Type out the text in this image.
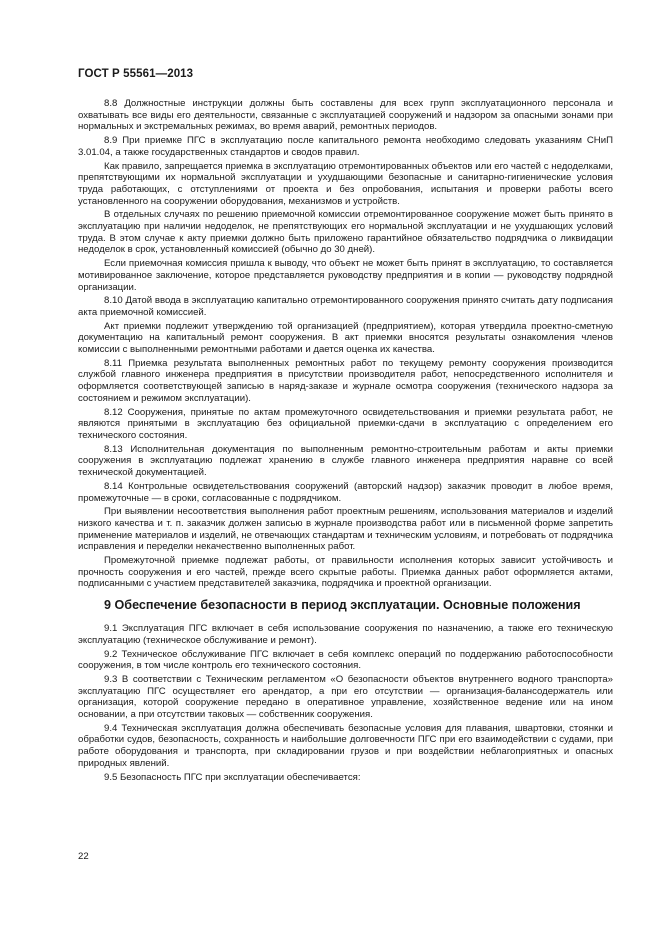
ГОСТ Р 55561—2013

8.8 Должностные инструкции должны быть составлены для всех групп эксплуатационного персонала и охватывать все виды его деятельности, связанные с эксплуатацией сооружений и надзором за опасными зонами при нормальных и экстремальных режимах, во время аварий, ремонтных периодов.

8.9 При приемке ПГС в эксплуатацию после капитального ремонта необходимо следовать указаниям СНиП 3.01.04, а также государственных стандартов и сводов правил.

Как правило, запрещается приемка в эксплуатацию отремонтированных объектов или его частей с недоделками, препятствующими их нормальной эксплуатации и ухудшающими безопасные и санитарно-гигиенические условия труда работающих, с отступлениями от проекта и без опробования, испытания и проверки работы всего установленного на сооружении оборудования, механизмов и устройств.

В отдельных случаях по решению приемочной комиссии отремонтированное сооружение может быть принято в эксплуатацию при наличии недоделок, не препятствующих его нормальной эксплуатации и не ухудшающих условий труда. В этом случае к акту приемки должно быть приложено гарантийное обязательство подрядчика о ликвидации недоделок в срок, установленный комиссией (обычно до 30 дней).

Если приемочная комиссия пришла к выводу, что объект не может быть принят в эксплуатацию, то составляется мотивированное заключение, которое представляется руководству предприятия и в копии — руководству подрядной организации.

8.10 Датой ввода в эксплуатацию капитально отремонтированного сооружения принято считать дату подписания акта приемочной комиссией.

Акт приемки подлежит утверждению той организацией (предприятием), которая утвердила проектно-сметную документацию на капитальный ремонт сооружения. В акт приемки вносятся результаты ознакомления членов комиссии с выполненными ремонтными работами и дается оценка их качества.

8.11 Приемка результата выполненных ремонтных работ по текущему ремонту сооружения производится службой главного инженера предприятия в присутствии производителя работ, непосредственного исполнителя и оформляется соответствующей записью в наряд-заказе и журнале осмотра сооружения (технического надзора за состоянием и режимом эксплуатации).

8.12 Сооружения, принятые по актам промежуточного освидетельствования и приемки результата работ, не являются принятыми в эксплуатацию без официальной приемки-сдачи в эксплуатацию с определением его технического состояния.

8.13 Исполнительная документация по выполненным ремонтно-строительным работам и акты приемки сооружения в эксплуатацию подлежат хранению в службе главного инженера предприятия наравне со всей технической документацией.

8.14 Контрольные освидетельствования сооружений (авторский надзор) заказчик проводит в любое время, промежуточные — в сроки, согласованные с подрядчиком.

При выявлении несоответствия выполнения работ проектным решениям, использования материалов и изделий низкого качества и т. п. заказчик должен записью в журнале производства работ или в письменной форме запретить применение материалов и изделий, не отвечающих стандартам и техническим условиям, и потребовать от подрядчика исправления и переделки некачественно выполненных работ.

Промежуточной приемке подлежат работы, от правильности исполнения которых зависит устойчивость и прочность сооружения и его частей, прежде всего скрытые работы. Приемка данных работ оформляется актами, подписанными с участием представителей заказчика, подрядчика и проектной организации.

9 Обеспечение безопасности в период эксплуатации. Основные положения

9.1 Эксплуатация ПГС включает в себя использование сооружения по назначению, а также его техническую эксплуатацию (техническое обслуживание и ремонт).

9.2 Техническое обслуживание ПГС включает в себя комплекс операций по поддержанию работоспособности сооружения, в том числе контроль его технического состояния.

9.3 В соответствии с Техническим регламентом «О безопасности объектов внутреннего водного транспорта» эксплуатацию ПГС осуществляет его арендатор, а при его отсутствии — организация-балансодержатель или организация, которой сооружение передано в оперативное управление, хозяйственное ведение или на ином основании, а при отсутствии таковых — собственник сооружения.

9.4 Техническая эксплуатация должна обеспечивать безопасные условия для плавания, швартовки, стоянки и обработки судов, безопасность, сохранность и наибольшие долговечности ПГС при его взаимодействии с судами, при работе оборудования и транспорта, при складировании грузов и при воздействии неблагоприятных и опасных природных явлений.

9.5 Безопасность ПГС при эксплуатации обеспечивается:

22
